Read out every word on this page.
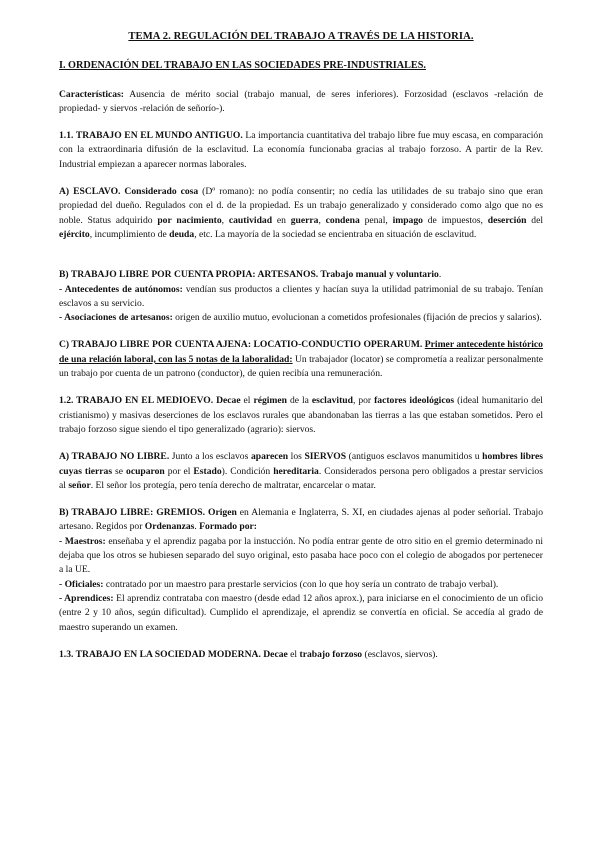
TEMA 2. REGULACIÓN DEL TRABAJO A TRAVÉS DE LA HISTORIA.
I. ORDENACIÓN DEL TRABAJO EN LAS SOCIEDADES PRE-INDUSTRIALES.

Características: Ausencia de mérito social (trabajo manual, de seres inferiores). Forzosidad (esclavos -relación de propiedad- y siervos -relación de señorío-).

1.1. TRABAJO EN EL MUNDO ANTIGUO. La importancia cuantitativa del trabajo libre fue muy escasa, en comparación con la extraordinaria difusión de la esclavitud. La economía funcionaba gracias al trabajo forzoso. A partir de la Rev. Industrial empiezan a aparecer normas laborales.

A) ESCLAVO. Considerado cosa (Dº romano): no podía consentir; no cedía las utilidades de su trabajo sino que eran propiedad del dueño. Regulados con el d. de la propiedad. Es un trabajo generalizado y considerado como algo que no es noble. Status adquirido por nacimiento, cautividad en guerra, condena penal, impago de impuestos, deserción del ejército, incumplimiento de deuda, etc. La mayoría de la sociedad se encientraba en situación de esclavitud.

B) TRABAJO LIBRE POR CUENTA PROPIA: ARTESANOS. Trabajo manual y voluntario.

- Antecedentes de autónomos: vendían sus productos a clientes y hacían suya la utilidad patrimonial de su trabajo. Tenían esclavos a su servicio.

- Asociaciones de artesanos: origen de auxilio mutuo, evolucionan a cometidos profesionales (fijación de precios y salarios).

C) TRABAJO LIBRE POR CUENTA AJENA: LOCATIO-CONDUCTIO OPERARUM. Primer antecedente histórico de una relación laboral, con las 5 notas de la laboralidad: Un trabajador (locator) se comprometía a realizar personalmente un trabajo por cuenta de un patrono (conductor), de quien recibía una remuneración.

1.2. TRABAJO EN EL MEDIOEVO. Decae el régimen de la esclavitud, por factores ideológicos (ideal humanitario del cristianismo) y masivas deserciones de los esclavos rurales que abandonaban las tierras a las que estaban sometidos. Pero el trabajo forzoso sigue siendo el tipo generalizado (agrario): siervos.

A) TRABAJO NO LIBRE. Junto a los esclavos aparecen los SIERVOS (antiguos esclavos manumitidos u hombres libres cuyas tierras se ocuparon por el Estado). Condición hereditaria. Considerados persona pero obligados a prestar servicios al señor. El señor los protegía, pero tenía derecho de maltratar, encarcelar o matar.

B) TRABAJO LIBRE: GREMIOS. Origen en Alemania e Inglaterra, S. XI, en ciudades ajenas al poder señorial. Trabajo artesano. Regidos por Ordenanzas. Formado por:

- Maestros: enseñaba y el aprendiz pagaba por la instucción. No podía entrar gente de otro sitio en el gremio determinado ni dejaba que los otros se hubiesen separado del suyo original, esto pasaba hace poco con el colegio de abogados por pertenecer a la UE.

- Oficiales: contratado por un maestro para prestarle servicios (con lo que hoy sería un contrato de trabajo verbal).

- Aprendices: El aprendiz contrataba con maestro (desde edad 12 años aprox.), para iniciarse en el conocimiento de un oficio (entre 2 y 10 años, según dificultad). Cumplido el aprendizaje, el aprendiz se convertía en oficial. Se accedía al grado de maestro superando un examen.

1.3. TRABAJO EN LA SOCIEDAD MODERNA. Decae el trabajo forzoso (esclavos, siervos).
